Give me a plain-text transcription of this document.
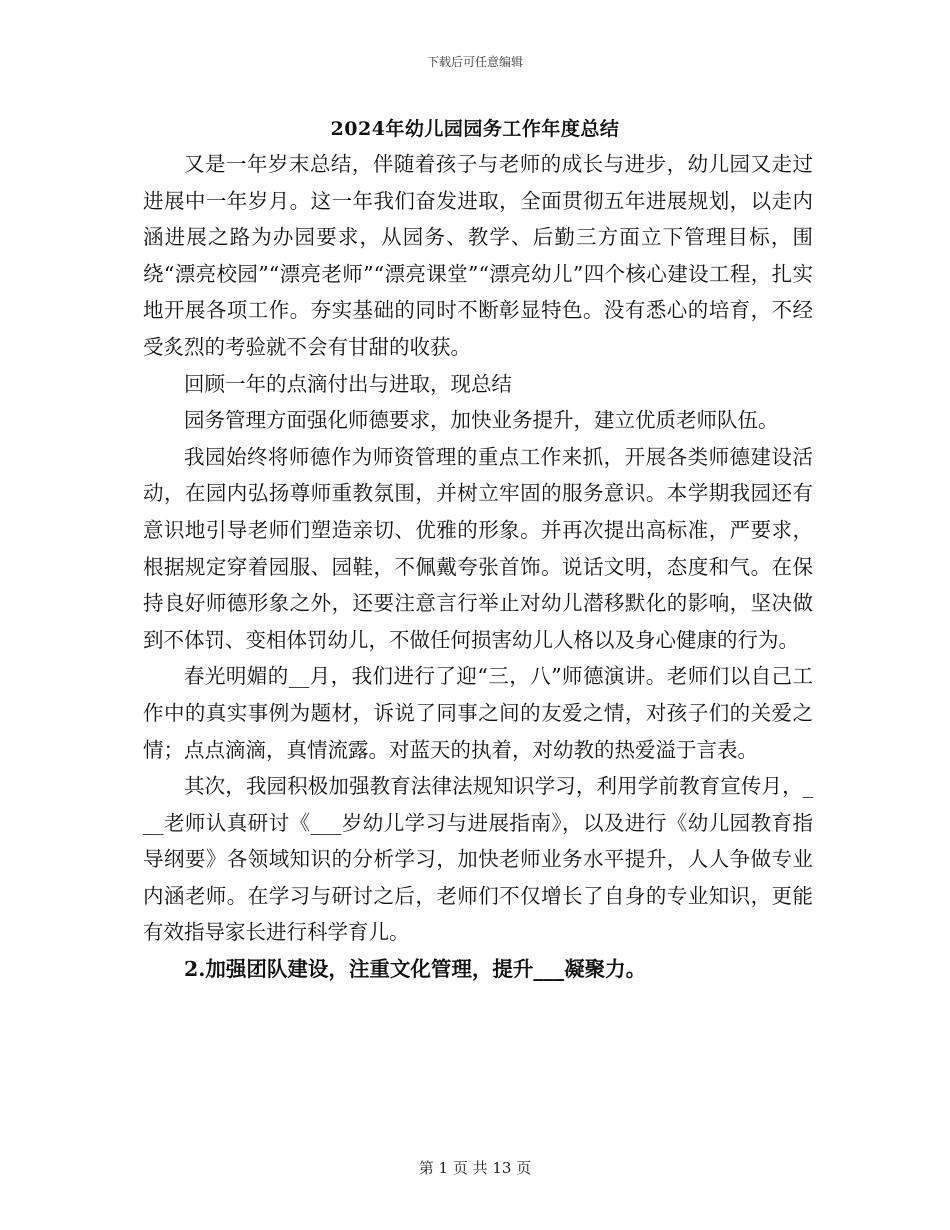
下载后可任意编辑
2024年幼儿园园务工作年度总结

又是一年岁末总结，伴随着孩子与老师的成长与进步，幼儿园又走过进展中一年岁月。这一年我们奋发进取，全面贯彻五年进展规划，以走内涵进展之路为办园要求，从园务、教学、后勤三方面立下管理目标，围绕“漂亮校园”“漂亮老师”“漂亮课堂”“漂亮幼儿”四个核心建设工程，扎实地开展各项工作。夯实基础的同时不断彰显特色。没有悉心的培育，不经受炙烈的考验就不会有甘甜的收获。

回顾一年的点滴付出与进取，现总结

园务管理方面强化师德要求，加快业务提升，建立优质老师队伍。

我园始终将师德作为师资管理的重点工作来抓，开展各类师德建设活动，在园内弘扬尊师重教氛围，并树立牢固的服务意识。本学期我园还有意识地引导老师们塑造亲切、优雅的形象。并再次提出高标准，严要求，根据规定穿着园服、园鞋，不佩戴夸张首饰。说话文明，态度和气。在保持良好师德形象之外，还要注意言行举止对幼儿潜移默化的影响，坚决做到不体罚、变相体罚幼儿，不做任何损害幼儿人格以及身心健康的行为。

春光明媚的__月，我们进行了迎“三，八”师德演讲。老师们以自己工作中的真实事例为题材，诉说了同事之间的友爱之情，对孩子们的关爱之情；点点滴滴，真情流露。对蓝天的执着，对幼教的热爱溢于言表。

其次，我园积极加强教育法律法规知识学习，利用学前教育宣传月，___老师认真研讨《___岁幼儿学习与进展指南》，以及进行《幼儿园教育指导纲要》各领域知识的分析学习，加快老师业务水平提升，人人争做专业内涵老师。在学习与研讨之后，老师们不仅增长了自身的专业知识，更能有效指导家长进行科学育儿。

2.加强团队建设，注重文化管理，提升___凝聚力。

第 1 页 共 13 页
